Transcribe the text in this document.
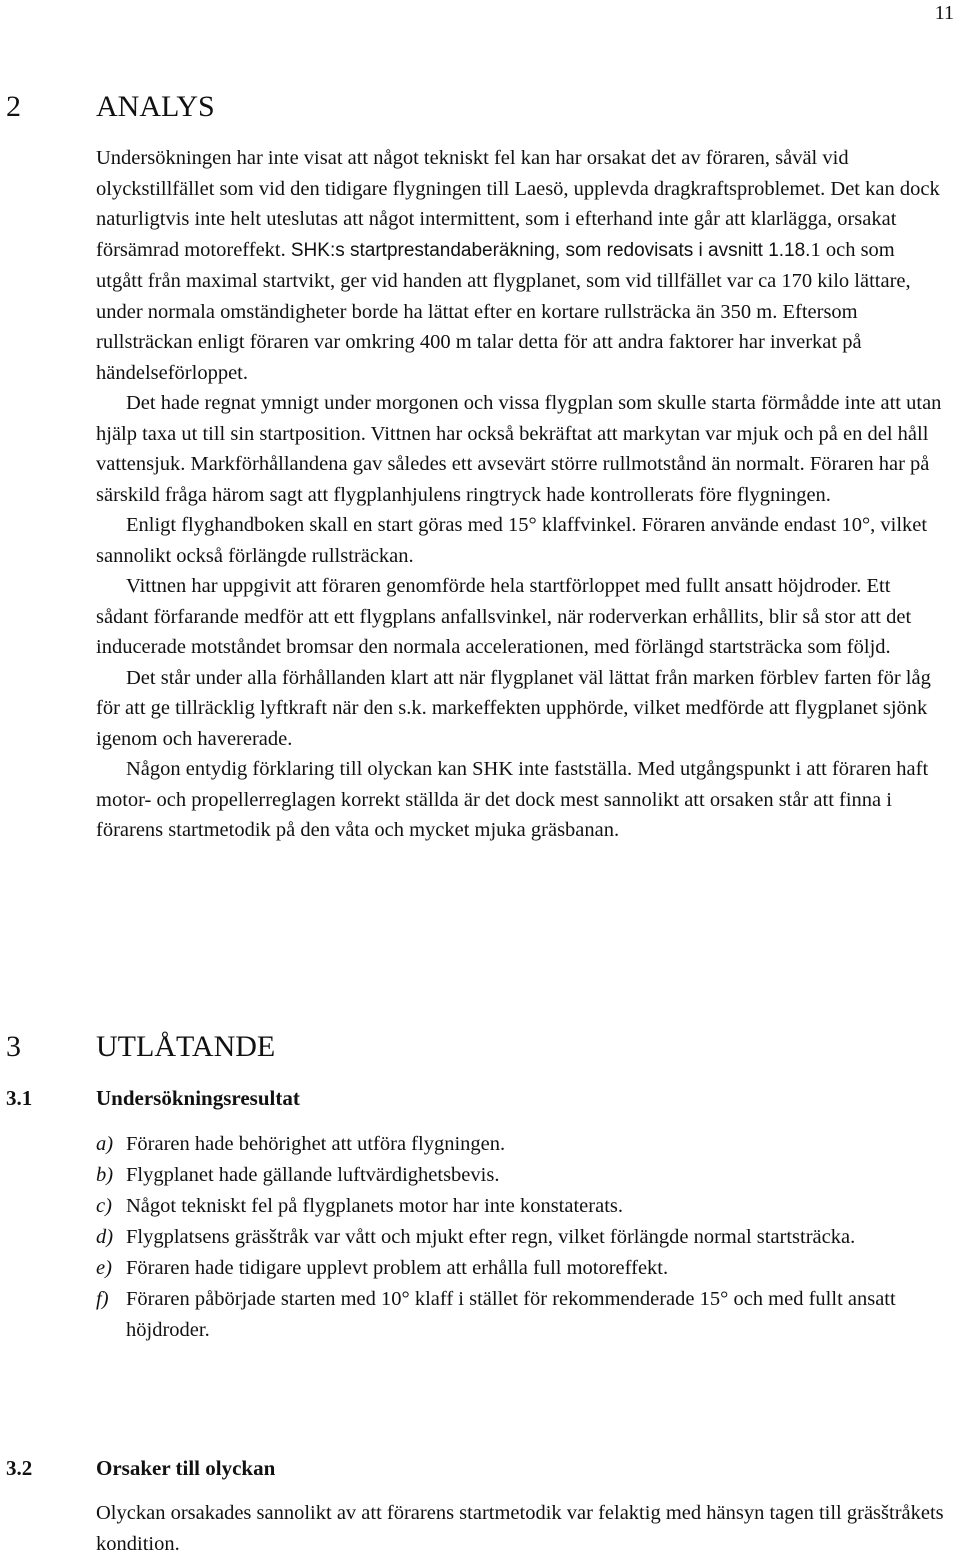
11
2	ANALYS

Undersökningen har inte visat att något tekniskt fel kan har orsakat det av föraren, såväl vid olyckstillfället som vid den tidigare flygningen till Laesö, upplevda dragkraftsproblemet. Det kan dock naturligtvis inte helt uteslutas att något intermittent, som i efterhand inte går att klarlägga, orsakat försämrad motoreffekt. SHK:s startprestandaberäkning, som redovisats i avsnitt 1.18.1 och som utgått från maximal startvikt, ger vid handen att flygplanet, som vid tillfället var ca 170 kilo lättare, under normala omständigheter borde ha lättat efter en kortare rullsträcka än 350 m. Eftersom rullsträckan enligt föraren var omkring 400 m talar detta för att andra faktorer har inverkat på händelseförloppet.

Det hade regnat ymnigt under morgonen och vissa flygplan som skulle starta förmådde inte att utan hjälp taxa ut till sin startposition. Vittnen har också bekräftat att markytan var mjuk och på en del håll vattensjuk. Markförhållandena gav således ett avsevärt större rullmotstånd än normalt. Föraren har på särskild fråga härom sagt att flygplanhjulens ringtryck hade kontrollerats före flygningen.

Enligt flyghandboken skall en start göras med 15° klaffvinkel. Föraren använde endast 10°, vilket sannolikt också förlängde rullsträckan.

Vittnen har uppgivit att föraren genomförde hela startförloppet med fullt ansatt höjdroder. Ett sådant förfarande medför att ett flygplans anfallsvinkel, när roderverkan erhållits, blir så stor att det inducerade motståndet bromsar den normala accelerationen, med förlängd startsträcka som följd.

Det står under alla förhållanden klart att när flygplanet väl lättat från marken förblev farten för låg för att ge tillräcklig lyftkraft när den s.k. markeffekten upphörde, vilket medförde att flygplanet sjönk igenom och havererade.

Någon entydig förklaring till olyckan kan SHK inte fastställa. Med utgångspunkt i att föraren haft motor- och propellerreglagen korrekt ställda är det dock mest sannolikt att orsaken står att finna i förarens startmetodik på den våta och mycket mjuka gräsbanan.

3	UTLÅTANDE
3.1	Undersökningsresultat
a) Föraren hade behörighet att utföra flygningen.
b) Flygplanet hade gällande luftvärdighetsbevis.
c) Något tekniskt fel på flygplanets motor har inte konstaterats.
d) Flygplatsens gräsštråk var vått och mjukt efter regn, vilket förlängde normal startsträcka.
e) Föraren hade tidigare upplevt problem att erhålla full motoreffekt.
f) Föraren påbörjade starten med 10° klaff i stället för rekommenderade 15° och med fullt ansatt höjdroder.
3.2	Orsaker till olyckan
Olyckan orsakades sannolikt av att förarens startmetodik var felaktig med hänsyn tagen till gräsštråkets kondition.
